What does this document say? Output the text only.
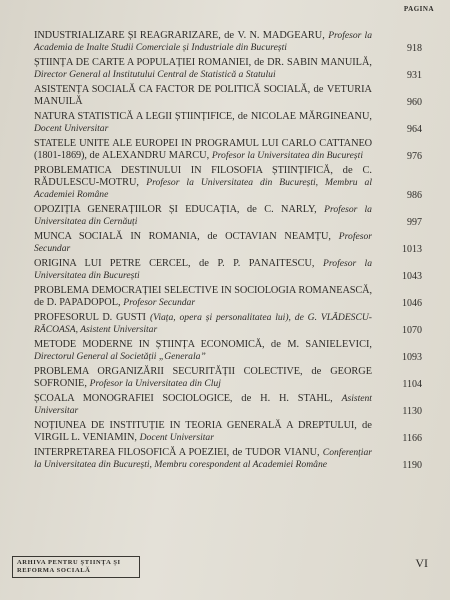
PAGINA
INDUSTRIALIZARE ȘI REAGRARIZARE, de V. N. MADGEARU, Profesor la Academia de Inalte Studii Comerciale și Industriale din București	918
ȘTIINȚA DE CARTE A POPULAȚIEI ROMANIEI, de DR. SABIN MANUILĂ, Director General al Institutului Central de Statistică a Statului	931
ASISTENȚA SOCIALĂ CA FACTOR DE POLITICĂ SOCIALĂ, de VETURIA MANUILĂ	960
NATURA STATISTICĂ A LEGII ȘTIINȚIFICE, de NICOLAE MĂRGINEANU, Docent Universitar	964
STATELE UNITE ALE EUROPEI IN PROGRAMUL LUI CARLO CATTANEO (1801-1869), de ALEXANDRU MARCU, Profesor la Universitatea din București	976
PROBLEMATICA DESTINULUI IN FILOSOFIA ȘTIINȚIFICĂ, de C. RĂDULESCU-MOTRU, Profesor la Universitatea din București, Membru al Academiei Române	986
OPOZIȚIA GENERAȚIILOR ȘI EDUCAȚIA, de C. NARLY, Profesor la Universitatea din Cernăuți	997
MUNCA SOCIALĂ IN ROMANIA, de OCTAVIAN NEAMȚU, Profesor Secundar	1013
ORIGINA LUI PETRE CERCEL, de P. P. PANAITESCU, Profesor la Universitatea din București	1043
PROBLEMA DEMOCRAȚIEI SELECTIVE IN SOCIOLOGIA ROMANEASCĂ, de D. PAPADOPOL, Profesor Secundar	1046
PROFESORUL D. GUSTI (Viața, opera și personalitatea lui), de G. VLĂDESCU-RĂCOASA, Asistent Universitar	1070
METODE MODERNE IN ȘTIINȚA ECONOMICĂ, de M. SANIELEVICI, Directorul General al Societății „Generala”	1093
PROBLEMA ORGANIZĂRII SECURITĂȚII COLECTIVE, de GEORGE SOFRONIE, Profesor la Universitatea din Cluj	1104
ȘCOALA MONOGRAFIEI SOCIOLOGICE, de H. H. STAHL, Asistent Universitar	1130
NOȚIUNEA DE INSTITUȚIE IN TEORIA GENERALĂ A DREPTULUI, de VIRGIL L. VENIAMIN, Docent Universitar	1166
INTERPRETAREA FILOSOFICĂ A POEZIEI, de TUDOR VIANU, Conferențiar la Universitatea din București, Membru corespondent al Academiei Române	1190
ARHIVA PENTRU ȘTIINȚA ȘI REFORMA SOCIALĂ
VI
